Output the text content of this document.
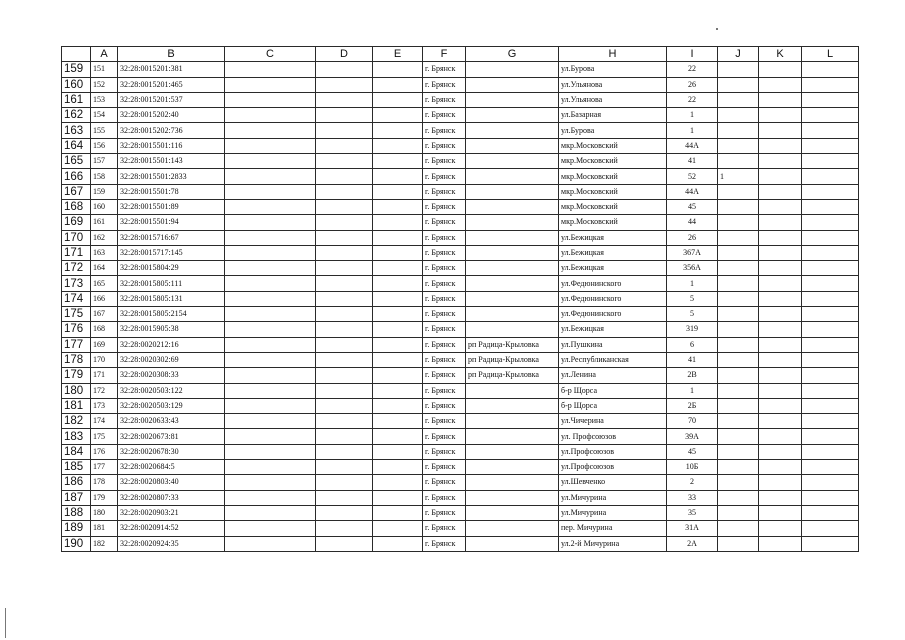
	A	B	C	D	E	F	G	H	I	J	K	L
159	151	32:28:0015201:381				г. Брянск		ул.Бурова	22			
160	152	32:28:0015201:465				г. Брянск		ул.Ульянова	26			
161	153	32:28:0015201:537				г. Брянск		ул.Ульянова	22			
162	154	32:28:0015202:40				г. Брянск		ул.Базарная	1			
163	155	32:28:0015202:736				г. Брянск		ул.Бурова	1			
164	156	32:28:0015501:116				г. Брянск		мкр.Московский	44А			
165	157	32:28:0015501:143				г. Брянск		мкр.Московский	41			
166	158	32:28:0015501:2833				г. Брянск		мкр.Московский	52	1		
167	159	32:28:0015501:78				г. Брянск		мкр.Московский	44А			
168	160	32:28:0015501:89				г. Брянск		мкр.Московский	45			
169	161	32:28:0015501:94				г. Брянск		мкр.Московский	44			
170	162	32:28:0015716:67				г. Брянск		ул.Бежицкая	26			
171	163	32:28:0015717:145				г. Брянск		ул.Бежицкая	367А			
172	164	32:28:0015804:29				г. Брянск		ул.Бежицкая	356А			
173	165	32:28:0015805:111				г. Брянск		ул.Федюнинского	1			
174	166	32:28:0015805:131				г. Брянск		ул.Федюнинского	5			
175	167	32:28:0015805:2154				г. Брянск		ул.Федюнинского	5			
176	168	32:28:0015905:38				г. Брянск		ул.Бежицкая	319			
177	169	32:28:0020212:16				г. Брянск	рп Радица-Крыловка	ул.Пушкина	6			
178	170	32:28:0020302:69				г. Брянск	рп Радица-Крыловка	ул.Республиканская	41			
179	171	32:28:0020308:33				г. Брянск	рп Радица-Крыловка	ул.Ленина	2В			
180	172	32:28:0020503:122				г. Брянск		б-р Щорса	1			
181	173	32:28:0020503:129				г. Брянск		б-р Щорса	2Б			
182	174	32:28:0020633:43				г. Брянск		ул.Чичерина	70			
183	175	32:28:0020673:81				г. Брянск		ул. Профсоюзов	39А			
184	176	32:28:0020678:30				г. Брянск		ул.Профсоюзов	45			
185	177	32:28:0020684:5				г. Брянск		ул.Профсоюзов	10Б			
186	178	32:28:0020803:40				г. Брянск		ул.Шевченко	2			
187	179	32:28:0020807:33				г. Брянск		ул.Мичурина	33			
188	180	32:28:0020903:21				г. Брянск		ул.Мичурина	35			
189	181	32:28:0020914:52				г. Брянск		пер. Мичурина	31А			
190	182	32:28:0020924:35				г. Брянск		ул.2-й Мичурина	2А			
